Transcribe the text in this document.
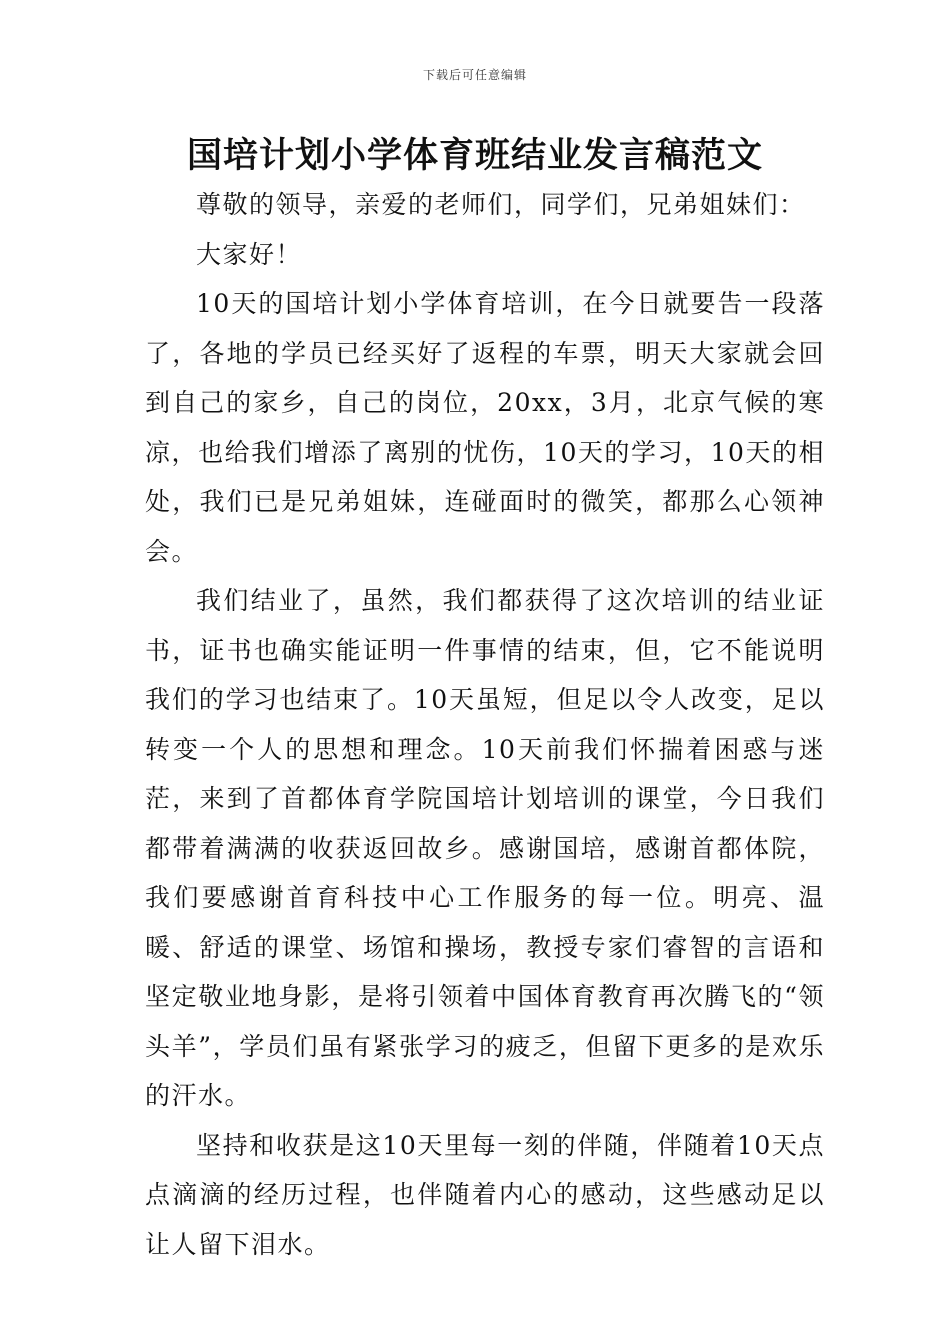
下载后可任意编辑
国培计划小学体育班结业发言稿范文

尊敬的领导，亲爱的老师们，同学们，兄弟姐妹们：

大家好！

10天的国培计划小学体育培训，在今日就要告一段落了，各地的学员已经买好了返程的车票，明天大家就会回到自己的家乡，自己的岗位，20xx，3月，北京气候的寒凉，也给我们增添了离别的忧伤，10天的学习，10天的相处，我们已是兄弟姐妹，连碰面时的微笑，都那么心领神会。

我们结业了，虽然，我们都获得了这次培训的结业证书，证书也确实能证明一件事情的结束，但，它不能说明我们的学习也结束了。10天虽短，但足以令人改变，足以转变一个人的思想和理念。10天前我们怀揣着困惑与迷茫，来到了首都体育学院国培计划培训的课堂，今日我们都带着满满的收获返回故乡。感谢国培，感谢首都体院，我们要感谢首育科技中心工作服务的每一位。明亮、温暖、舒适的课堂、场馆和操场，教授专家们睿智的言语和坚定敬业地身影，是将引领着中国体育教育再次腾飞的“领头羊”，学员们虽有紧张学习的疲乏，但留下更多的是欢乐的汗水。

坚持和收获是这10天里每一刻的伴随，伴随着10天点点滴滴的经历过程，也伴随着内心的感动，这些感动足以让人留下泪水。
